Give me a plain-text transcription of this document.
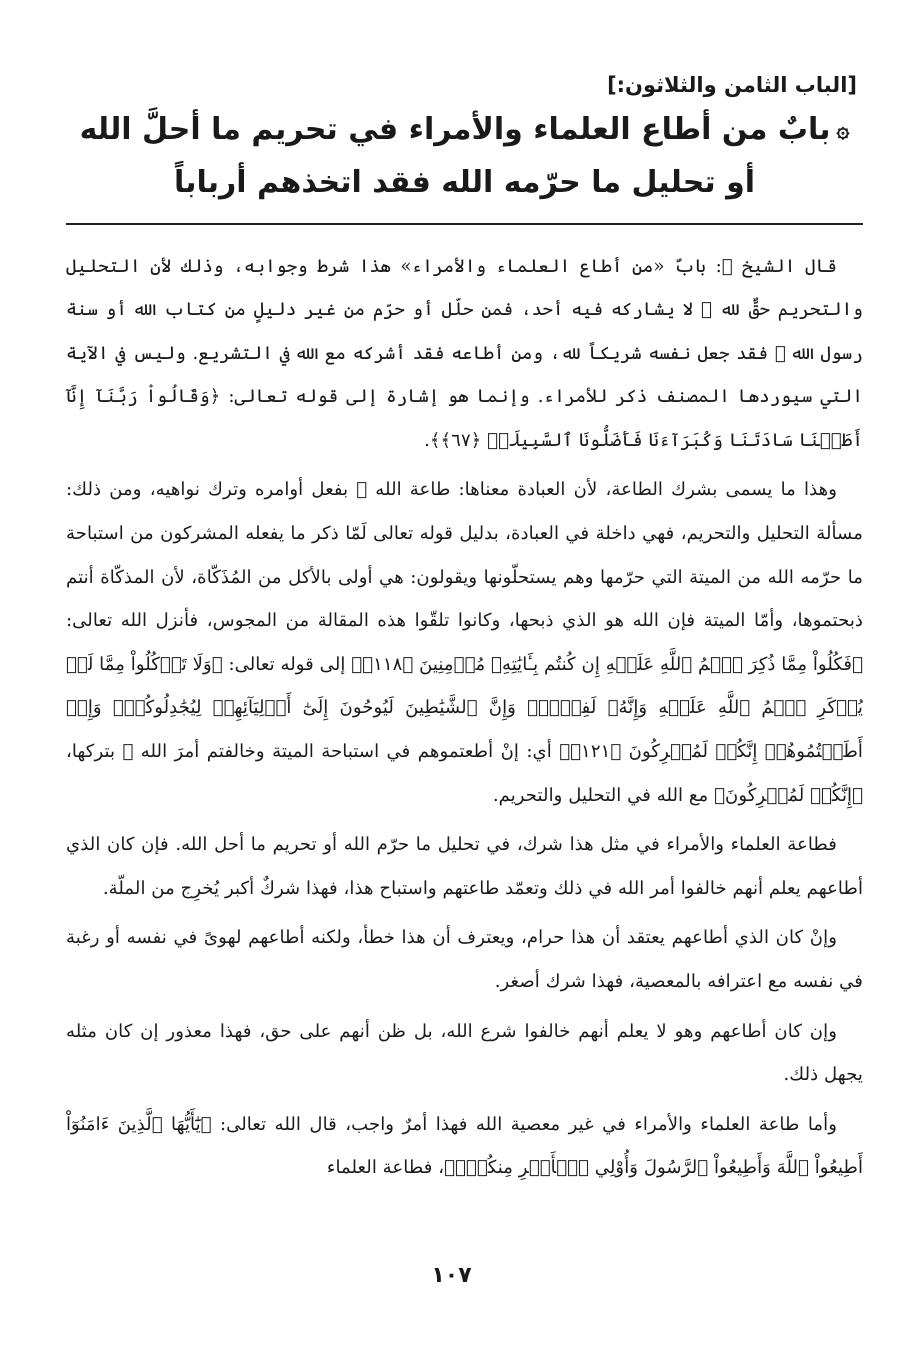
[الباب الثامن والثلاثون:]
۞بابٌ من أطاع العلماء والأمراء في تحريم ما أحلَّ الله
أو تحليل ما حرّمه الله فقد اتخذهم أرباباً

قال الشيخ ﷀ: بابٌ «من أطاع العلماء والأمراء» هذا شرط وجوابه، وذلك لأن التحليل والتحريم حقٌّ لله ﷻ لا يشاركه فيه أحد، فمن حلّل أو حرّم من غير دليلٍ من كتاب الله أو سنة رسول الله ﷺ فقد جعل نفسه شريكاً لله، ومن أطاعه فقد أشركه مع الله في التشريع. وليس في الآية التي سيوردها المصنف ذكر للأمراء. وإنما هو إشارة إلى قوله تعالى: ﴿وَقَالُواْ رَبَّنَآ إِنَّآ أَطَعۡنَا سَادَتَنَا وَكُبَرَآءَنَا فَأَضَلُّونَا ٱلسَّبِيلَا۠ ﴿٦٧﴾﴾.

وهذا ما يسمى بشرك الطاعة، لأن العبادة معناها: طاعة الله ﷻ بفعل أوامره وترك نواهيه، ومن ذلك: مسألة التحليل والتحريم، فهي داخلة في العبادة، بدليل قوله تعالى لَمّا ذكر ما يفعله المشركون من استباحة ما حرّمه الله من الميتة التي حرّمها وهم يستحلّونها ويقولون: هي أولى بالأكل من المُذَكّاة، لأن المذكّاة أنتم ذبحتموها، وأمّا الميتة فإن الله هو الذي ذبحها، وكانوا تلقّوا هذه المقالة من المجوس، فأنزل الله تعالى: ﴿فَكُلُواْ مِمَّا ذُكِرَ ٱسۡمُ ٱللَّهِ عَلَيۡهِ إِن كُنتُم بِـَٔايَٰتِهِۦ مُؤۡمِنِينَ ﴿١١٨﴾﴾ إلى قوله تعالى: ﴿وَلَا تَأۡكُلُواْ مِمَّا لَمۡ يُذۡكَرِ ٱسۡمُ ٱللَّهِ عَلَيۡهِ وَإِنَّهُۥ لَفِسۡقٞۗ وَإِنَّ ٱلشَّيَٰطِينَ لَيُوحُونَ إِلَىٰٓ أَوۡلِيَآئِهِمۡ لِيُجَٰدِلُوكُمۡۖ وَإِنۡ أَطَعۡتُمُوهُمۡ إِنَّكُمۡ لَمُشۡرِكُونَ ﴿١٢١﴾﴾ أي: إنْ أطعتموهم في استباحة الميتة وخالفتم أمرَ الله ﷻ بتركها، ﴿إِنَّكُمۡ لَمُشۡرِكُونَ﴾ مع الله في التحليل والتحريم.

فطاعة العلماء والأمراء في مثل هذا شرك، في تحليل ما حرّم الله أو تحريم ما أحل الله. فإن كان الذي أطاعهم يعلم أنهم خالفوا أمر الله في ذلك وتعمّد طاعتهم واستباح هذا، فهذا شركٌ أكبر يُخرِج من الملّة.

وإنْ كان الذي أطاعهم يعتقد أن هذا حرام، ويعترف أن هذا خطأ، ولكنه أطاعهم لهوىً في نفسه أو رغبة في نفسه مع اعترافه بالمعصية، فهذا شرك أصغر.

وإن كان أطاعهم وهو لا يعلم أنهم خالفوا شرع الله، بل ظن أنهم على حق، فهذا معذور إن كان مثله يجهل ذلك.

وأما طاعة العلماء والأمراء في غير معصية الله فهذا أمرٌ واجب، قال الله تعالى: ﴿يَٰٓأَيُّهَا ٱلَّذِينَ ءَامَنُوٓاْ أَطِيعُواْ ٱللَّهَ وَأَطِيعُواْ ٱلرَّسُولَ وَأُوْلِي ٱلۡأَمۡرِ مِنكُمۡۖ﴾، فطاعة العلماء

١٠٧
